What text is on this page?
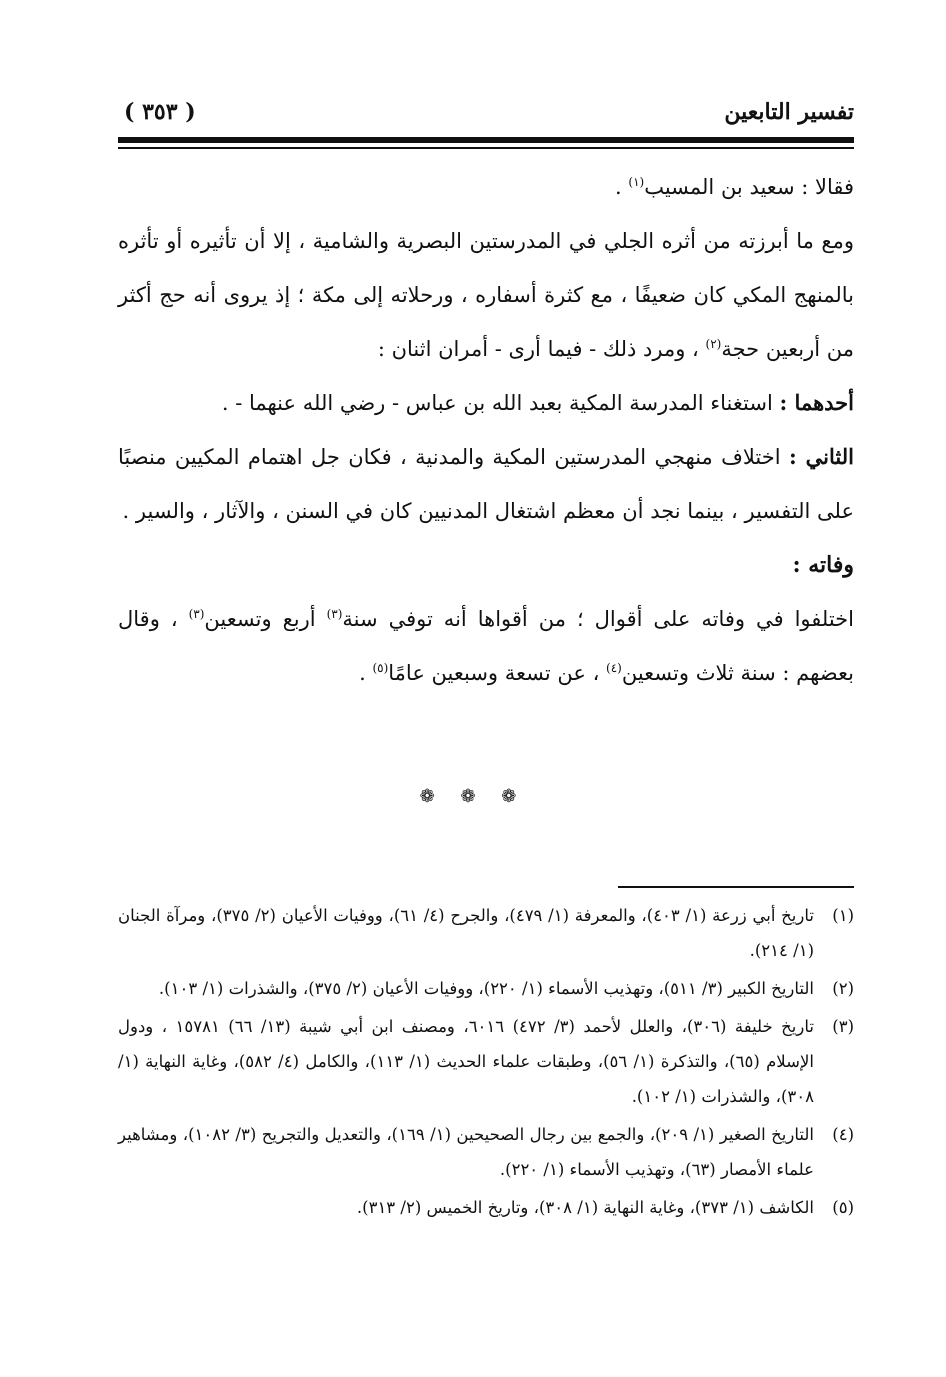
تفسير التابعين
( ٣٥٣ )

فقالا : سعيد بن المسيب$^{(١)}$ .

ومع ما أبرزته من أثره الجلي في المدرستين البصرية والشامية ، إلا أن تأثيره أو تأثره بالمنهج المكي كان ضعيفًا ، مع كثرة أسفاره ، ورحلاته إلى مكة ؛ إذ يروى أنه حج أكثر من أربعين حجة$^{(٢)}$ ، ومرد ذلك - فيما أرى - أمران اثنان :

أحدهما : استغناء المدرسة المكية بعبد الله بن عباس - رضي الله عنهما - .

الثاني : اختلاف منهجي المدرستين المكية والمدنية ، فكان جل اهتمام المكيين منصبًا على التفسير ، بينما نجد أن معظم اشتغال المدنيين كان في السنن ، والآثار ، والسير .

وفاته :

اختلفوا في وفاته على أقوال ؛ من أقواها أنه توفي سنة$^{(٣)}$ أربع وتسعين$^{(٣)}$ ، وقال بعضهم : سنة ثلاث وتسعين$^{(٤)}$ ، عن تسعة وسبعين عامًا$^{(٥)}$ .

❁ ❁ ❁
(١)
تاريخ أبي زرعة (١/ ٤٠٣)، والمعرفة (١/ ٤٧٩)، والجرح (٤/ ٦١)، ووفيات الأعيان (٢/ ٣٧٥)، ومرآة الجنان (١/ ٢١٤).
(٢)
التاريخ الكبير (٣/ ٥١١)، وتهذيب الأسماء (١/ ٢٢٠)، ووفيات الأعيان (٢/ ٣٧٥)، والشذرات (١/ ١٠٣).
(٣)
تاريخ خليفة (٣٠٦)، والعلل لأحمد (٣/ ٤٧٢) ٦٠١٦، ومصنف ابن أبي شيبة (١٣/ ٦٦) ١٥٧٨١ ، ودول الإسلام (٦٥)، والتذكرة (١/ ٥٦)، وطبقات علماء الحديث (١/ ١١٣)، والكامل (٤/ ٥٨٢)، وغاية النهاية (١/ ٣٠٨)، والشذرات (١/ ١٠٢).
(٤)
التاريخ الصغير (١/ ٢٠٩)، والجمع بين رجال الصحيحين (١/ ١٦٩)، والتعديل والتجريح (٣/ ١٠٨٢)، ومشاهير علماء الأمصار (٦٣)، وتهذيب الأسماء (١/ ٢٢٠).
(٥)
الكاشف (١/ ٣٧٣)، وغاية النهاية (١/ ٣٠٨)، وتاريخ الخميس (٢/ ٣١٣).
